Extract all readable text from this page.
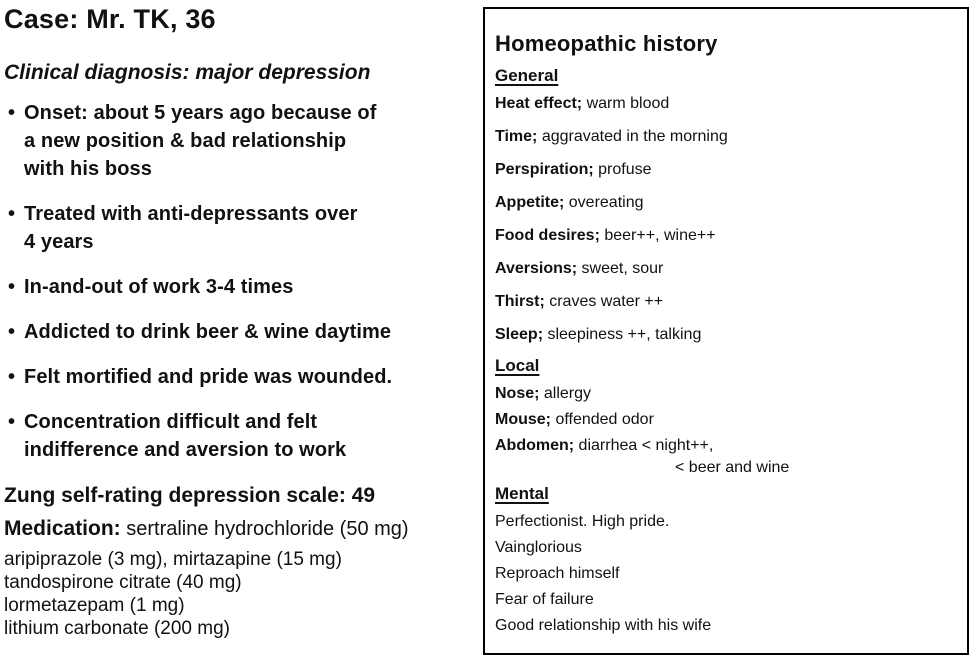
Case: Mr. TK, 36
Clinical diagnosis: major depression
• Onset: about 5 years ago because of
a new position & bad relationship
with his boss
• Treated with anti-depressants over
4 years
• In-and-out of work 3-4 times
• Addicted to drink beer & wine daytime
• Felt mortified and pride was wounded.
• Concentration difficult and felt
indifference and aversion to work
Zung self-rating depression scale: 49
Medication: sertraline hydrochloride (50 mg)
aripiprazole (3 mg), mirtazapine (15 mg)
tandospirone citrate (40 mg)
lormetazepam (1 mg)
lithium carbonate (200 mg)
Homeopathic history
General
Heat effect; warm blood
Time; aggravated in the morning
Perspiration; profuse
Appetite; overeating
Food desires; beer++, wine++
Aversions; sweet, sour
Thirst; craves water ++
Sleep; sleepiness ++, talking
Local
Nose; allergy
Mouse; offended odor
Abdomen; diarrhea < night++,
< beer and wine
Mental
Perfectionist. High pride.
Vainglorious
Reproach himself
Fear of failure
Good relationship with his wife
